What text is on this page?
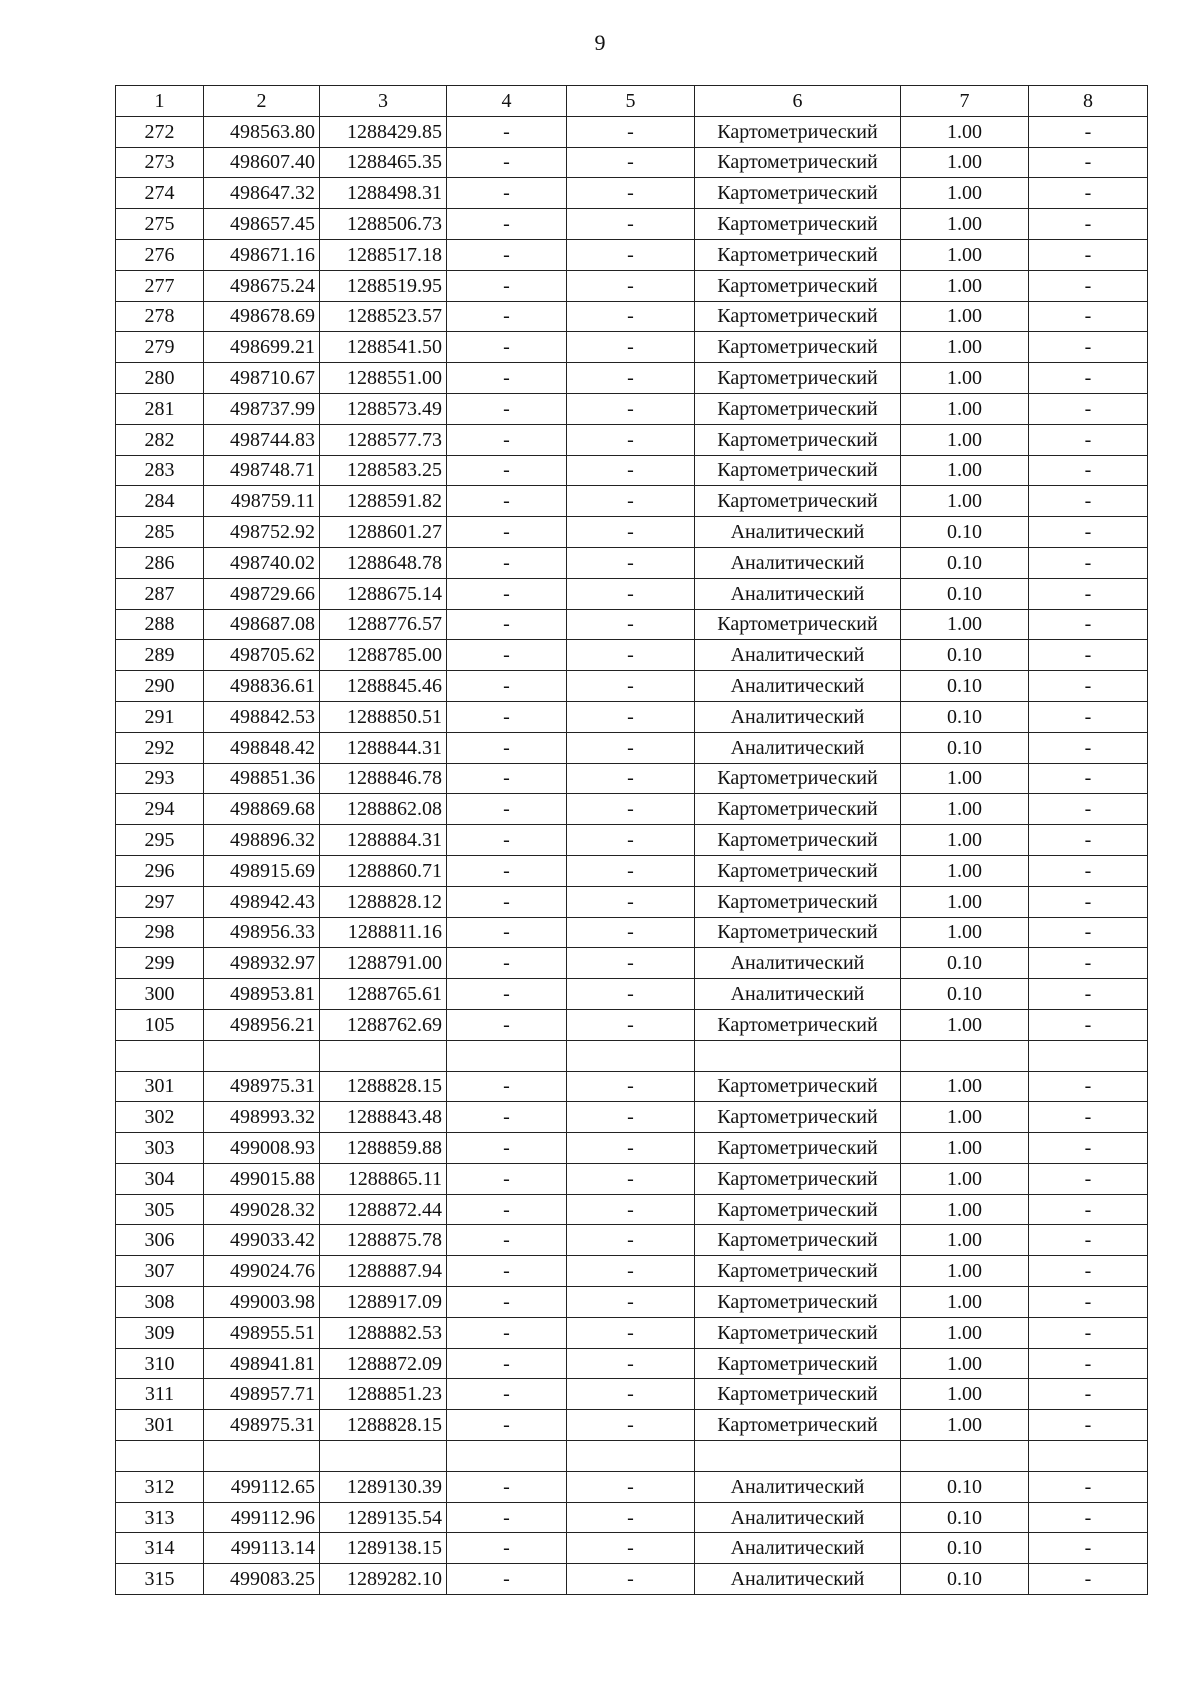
9
1	2	3	4	5	6	7	8
272	498563.80	1288429.85	-	-	Картометрический	1.00	-
273	498607.40	1288465.35	-	-	Картометрический	1.00	-
274	498647.32	1288498.31	-	-	Картометрический	1.00	-
275	498657.45	1288506.73	-	-	Картометрический	1.00	-
276	498671.16	1288517.18	-	-	Картометрический	1.00	-
277	498675.24	1288519.95	-	-	Картометрический	1.00	-
278	498678.69	1288523.57	-	-	Картометрический	1.00	-
279	498699.21	1288541.50	-	-	Картометрический	1.00	-
280	498710.67	1288551.00	-	-	Картометрический	1.00	-
281	498737.99	1288573.49	-	-	Картометрический	1.00	-
282	498744.83	1288577.73	-	-	Картометрический	1.00	-
283	498748.71	1288583.25	-	-	Картометрический	1.00	-
284	498759.11	1288591.82	-	-	Картометрический	1.00	-
285	498752.92	1288601.27	-	-	Аналитический	0.10	-
286	498740.02	1288648.78	-	-	Аналитический	0.10	-
287	498729.66	1288675.14	-	-	Аналитический	0.10	-
288	498687.08	1288776.57	-	-	Картометрический	1.00	-
289	498705.62	1288785.00	-	-	Аналитический	0.10	-
290	498836.61	1288845.46	-	-	Аналитический	0.10	-
291	498842.53	1288850.51	-	-	Аналитический	0.10	-
292	498848.42	1288844.31	-	-	Аналитический	0.10	-
293	498851.36	1288846.78	-	-	Картометрический	1.00	-
294	498869.68	1288862.08	-	-	Картометрический	1.00	-
295	498896.32	1288884.31	-	-	Картометрический	1.00	-
296	498915.69	1288860.71	-	-	Картометрический	1.00	-
297	498942.43	1288828.12	-	-	Картометрический	1.00	-
298	498956.33	1288811.16	-	-	Картометрический	1.00	-
299	498932.97	1288791.00	-	-	Аналитический	0.10	-
300	498953.81	1288765.61	-	-	Аналитический	0.10	-
105	498956.21	1288762.69	-	-	Картометрический	1.00	-

301	498975.31	1288828.15	-	-	Картометрический	1.00	-
302	498993.32	1288843.48	-	-	Картометрический	1.00	-
303	499008.93	1288859.88	-	-	Картометрический	1.00	-
304	499015.88	1288865.11	-	-	Картометрический	1.00	-
305	499028.32	1288872.44	-	-	Картометрический	1.00	-
306	499033.42	1288875.78	-	-	Картометрический	1.00	-
307	499024.76	1288887.94	-	-	Картометрический	1.00	-
308	499003.98	1288917.09	-	-	Картометрический	1.00	-
309	498955.51	1288882.53	-	-	Картометрический	1.00	-
310	498941.81	1288872.09	-	-	Картометрический	1.00	-
311	498957.71	1288851.23	-	-	Картометрический	1.00	-
301	498975.31	1288828.15	-	-	Картометрический	1.00	-

312	499112.65	1289130.39	-	-	Аналитический	0.10	-
313	499112.96	1289135.54	-	-	Аналитический	0.10	-
314	499113.14	1289138.15	-	-	Аналитический	0.10	-
315	499083.25	1289282.10	-	-	Аналитический	0.10	-
